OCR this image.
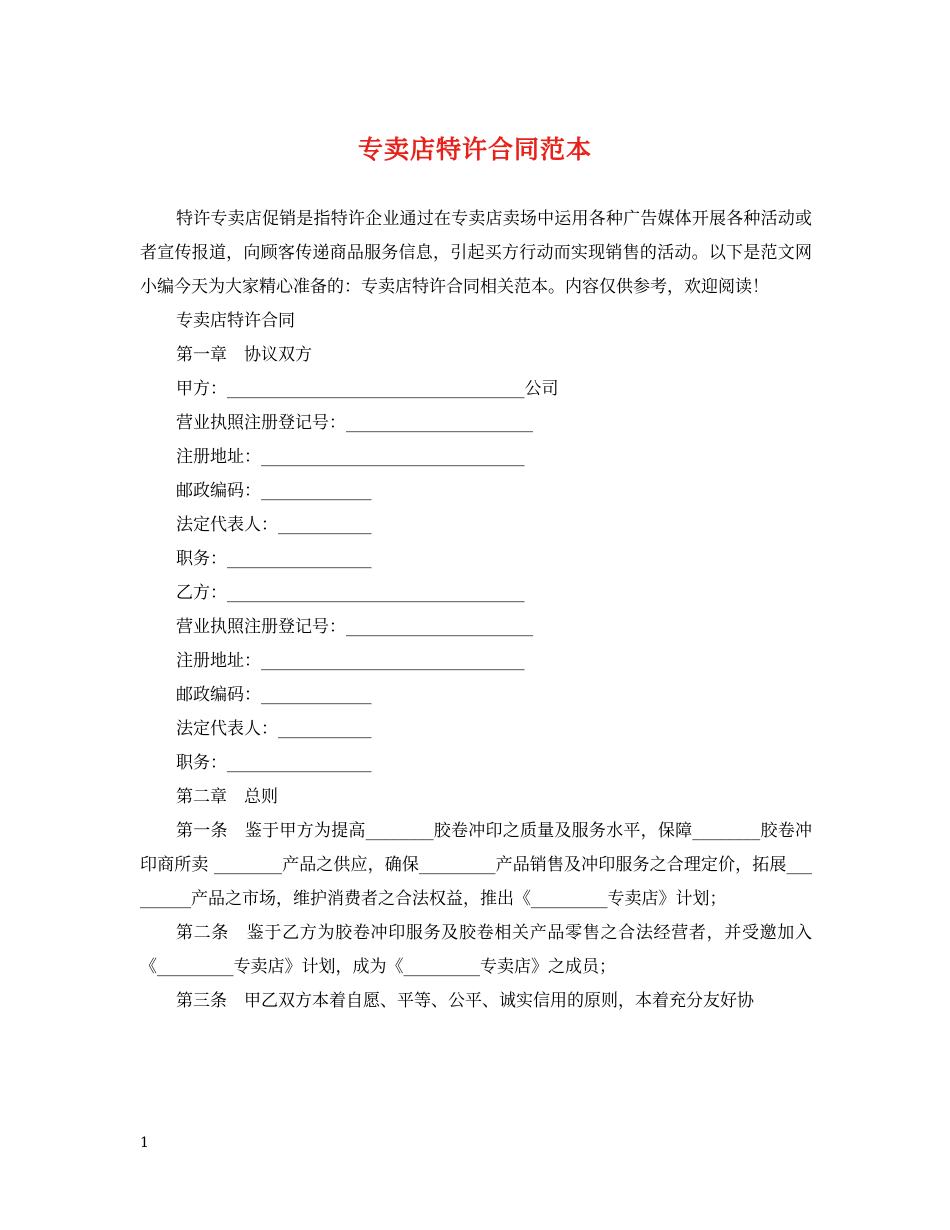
专卖店特许合同范本

特许专卖店促销是指特许企业通过在专卖店卖场中运用各种广告媒体开展各种活动或者宣传报道，向顾客传递商品服务信息，引起买方行动而实现销售的活动。以下是范文网小编今天为大家精心准备的：专卖店特许合同相关范本。内容仅供参考，欢迎阅读！

专卖店特许合同

第一章　协议双方

甲方：___________________________________公司

营业执照注册登记号：______________________

注册地址：_______________________________

邮政编码：_____________

法定代表人：___________

职务：_________________

乙方：___________________________________

营业执照注册登记号：______________________

注册地址：_______________________________

邮政编码：_____________

法定代表人：___________

职务：_________________

第二章　总则

第一条　鉴于甲方为提高________胶卷冲印之质量及服务水平，保障________胶卷冲印商所卖 ________产品之供应，确保_________产品销售及冲印服务之合理定价，拓展_________产品之市场，维护消费者之合法权益，推出《_________专卖店》计划；

第二条　鉴于乙方为胶卷冲印服务及胶卷相关产品零售之合法经营者，并受邀加入《_________专卖店》计划，成为《_________专卖店》之成员；

第三条　甲乙双方本着自愿、平等、公平、诚实信用的原则，本着充分友好协

1
